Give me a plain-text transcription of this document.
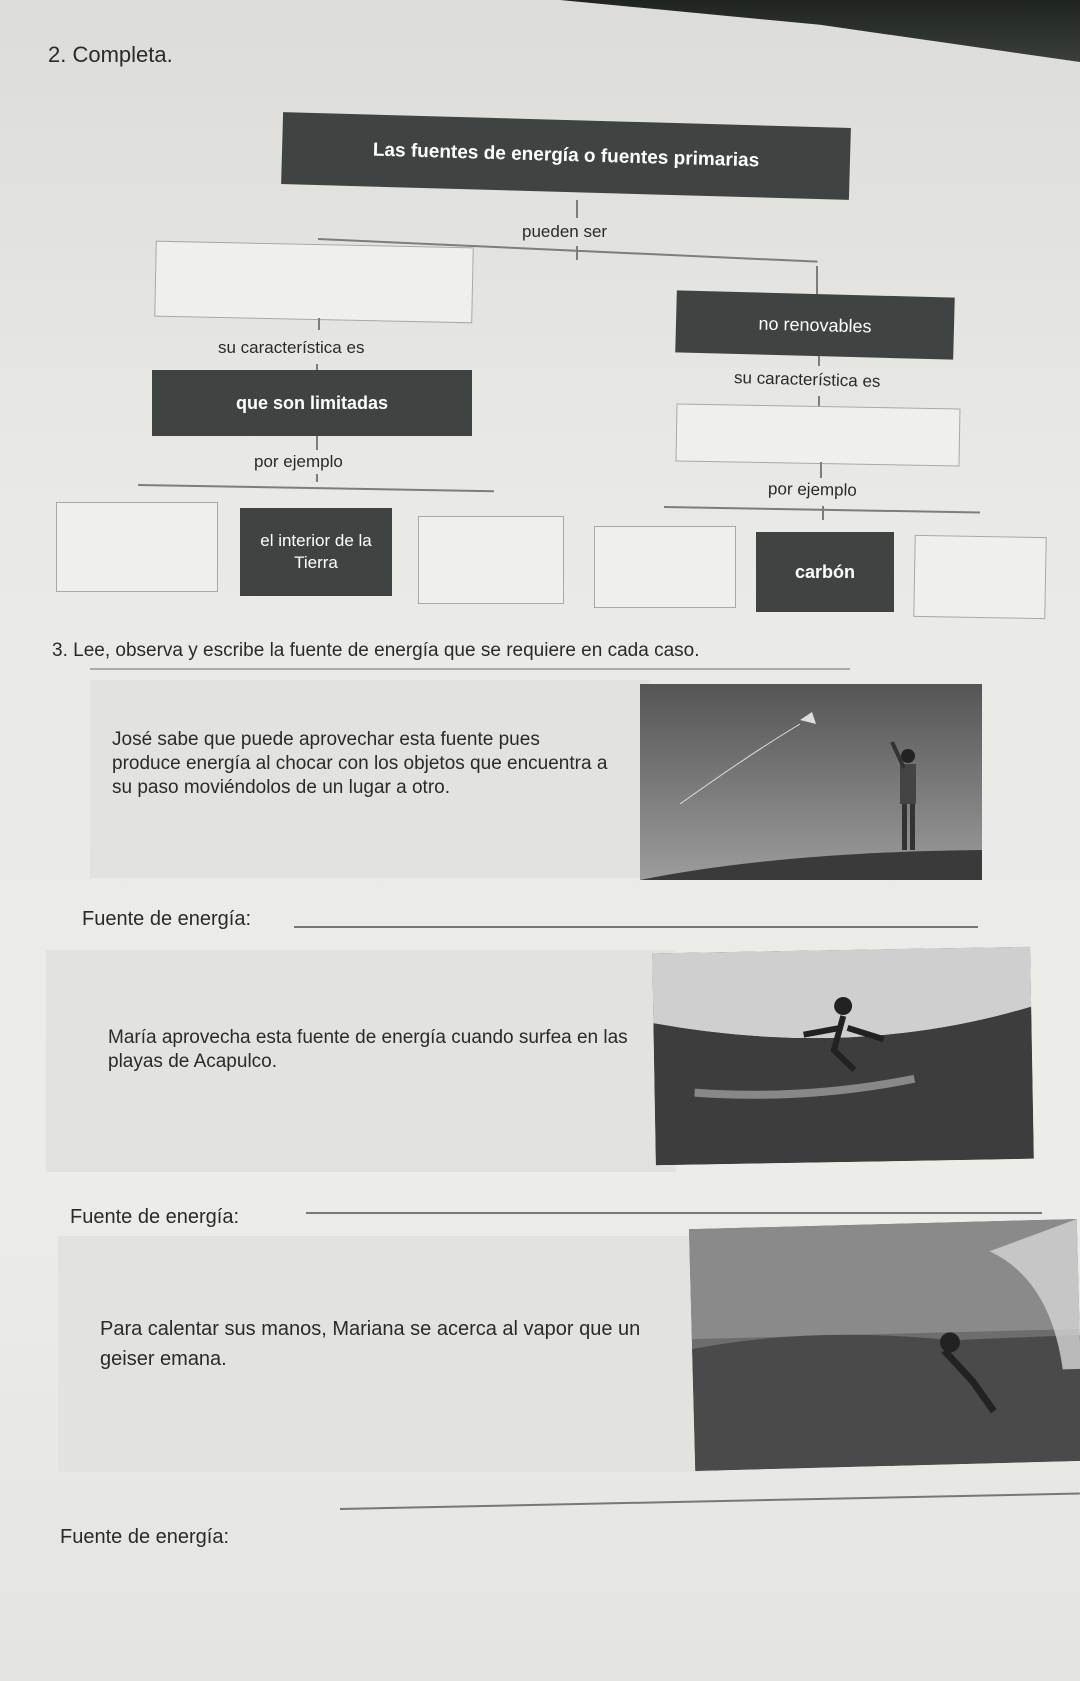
2. Completa.
Las fuentes de energía o fuentes primarias
pueden ser
su característica es
que son limitadas
por ejemplo
el interior de la Tierra
no renovables
su característica es
por ejemplo
carbón
3. Lee, observa y escribe la fuente de energía que se requiere en cada caso.

José sabe que puede aprovechar esta fuente pues produce energía al chocar con los objetos que encuentra a su paso moviéndolos de un lugar a otro.

Fuente de energía:

María aprovecha esta fuente de energía cuando surfea en las playas de Acapulco.

Fuente de energía:

Para calentar sus manos, Mariana se acerca al vapor que un geiser emana.

Fuente de energía:
